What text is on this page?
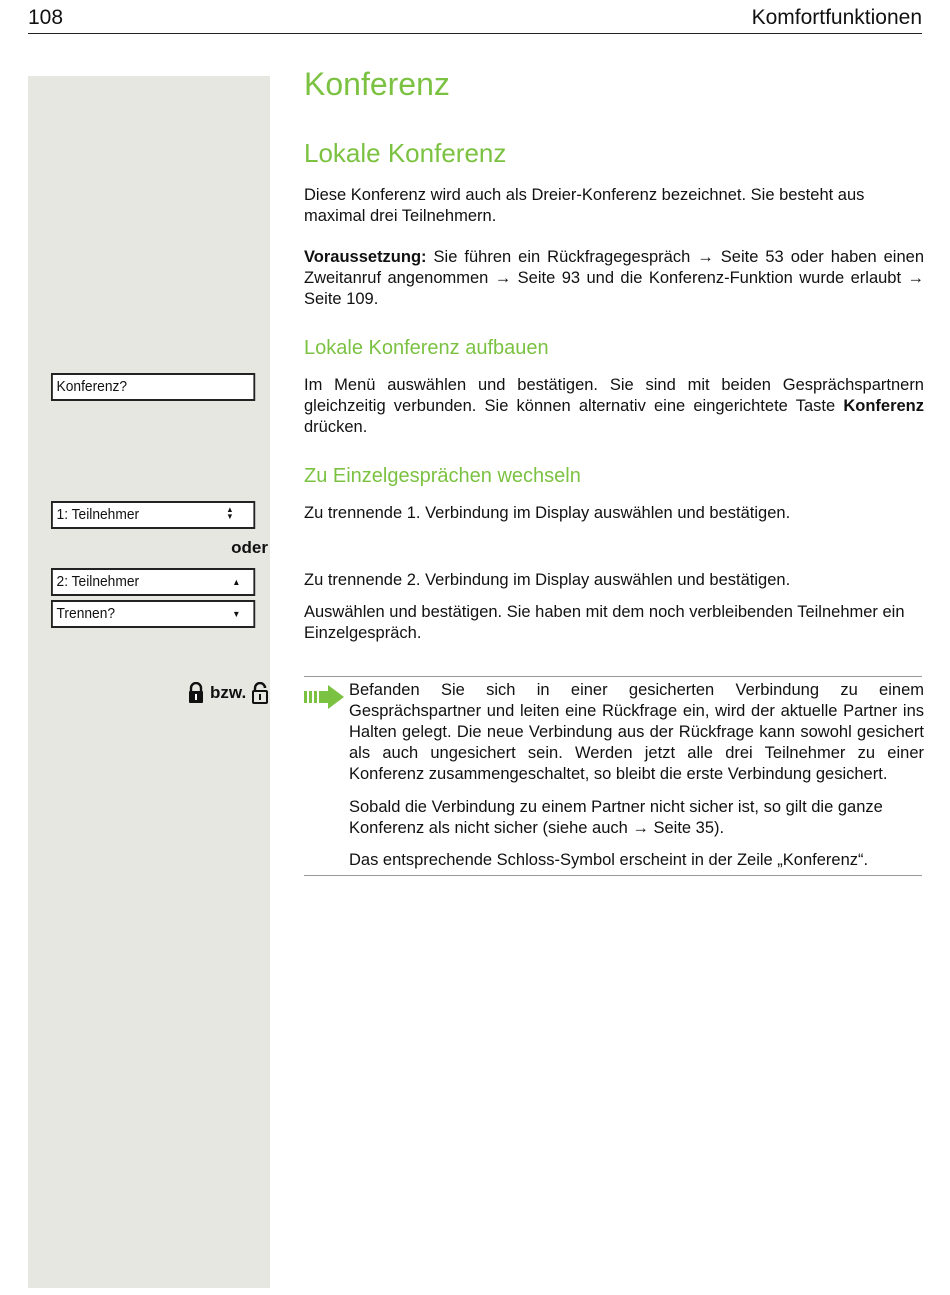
108	Komfortfunktionen
Konferenz
Lokale Konferenz

Diese Konferenz wird auch als Dreier-Konferenz bezeichnet. Sie besteht aus maximal drei Teilnehmern.

Voraussetzung: Sie führen ein Rückfragegespräch → Seite 53 oder haben einen Zweitanruf angenommen → Seite 93 und die Konferenz-Funktion wurde erlaubt → Seite 109.

Lokale Konferenz aufbauen
Konferenz?	Im Menü auswählen und bestätigen. Sie sind mit beiden Gesprächspartnern gleichzeitig verbunden. Sie können alternativ eine eingerichtete Taste Konferenz drücken.

Zu Einzelgesprächen wechseln
1: Teilnehmer	▲▼	Zu trennende 1. Verbindung im Display auswählen und bestätigen.

oder
2: Teilnehmer	▲	Zu trennende 2. Verbindung im Display auswählen und bestätigen.

Trennen?	▼	Auswählen und bestätigen. Sie haben mit dem noch verbleibenden Teilnehmer ein Einzelgespräch.

bzw.	Befanden Sie sich in einer gesicherten Verbindung zu einem Gesprächspartner und leiten eine Rückfrage ein, wird der aktuelle Partner ins Halten gelegt. Die neue Verbindung aus der Rückfrage kann sowohl gesichert als auch ungesichert sein. Werden jetzt alle drei Teilnehmer zu einer Konferenz zusammengeschaltet, so bleibt die erste Verbindung gesichert.

Sobald die Verbindung zu einem Partner nicht sicher ist, so gilt die ganze Konferenz als nicht sicher (siehe auch → Seite 35).

Das entsprechende Schloss-Symbol erscheint in der Zeile „Konferenz“.
